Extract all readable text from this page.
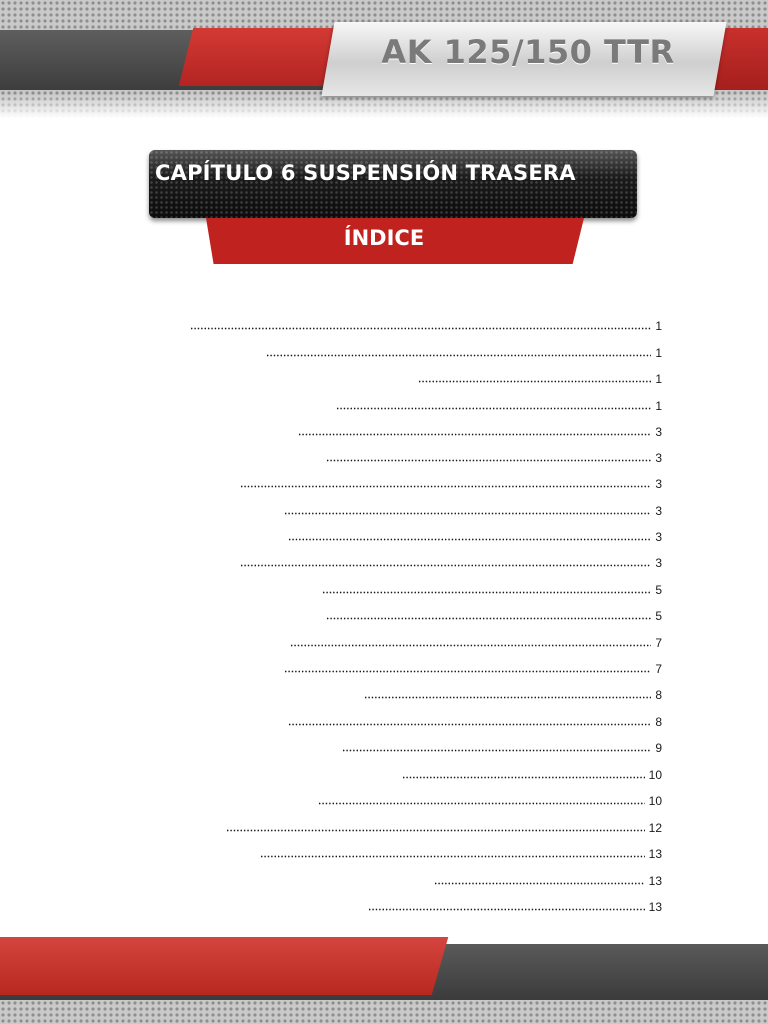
AK 125/150 TTR
CAPÍTULO 6 SUSPENSIÓN TRASERA
ÍNDICE
1
1
1
1
3
3
3
3
3
3
5
5
7
7
8
8
9
10
10
12
13
13
13
